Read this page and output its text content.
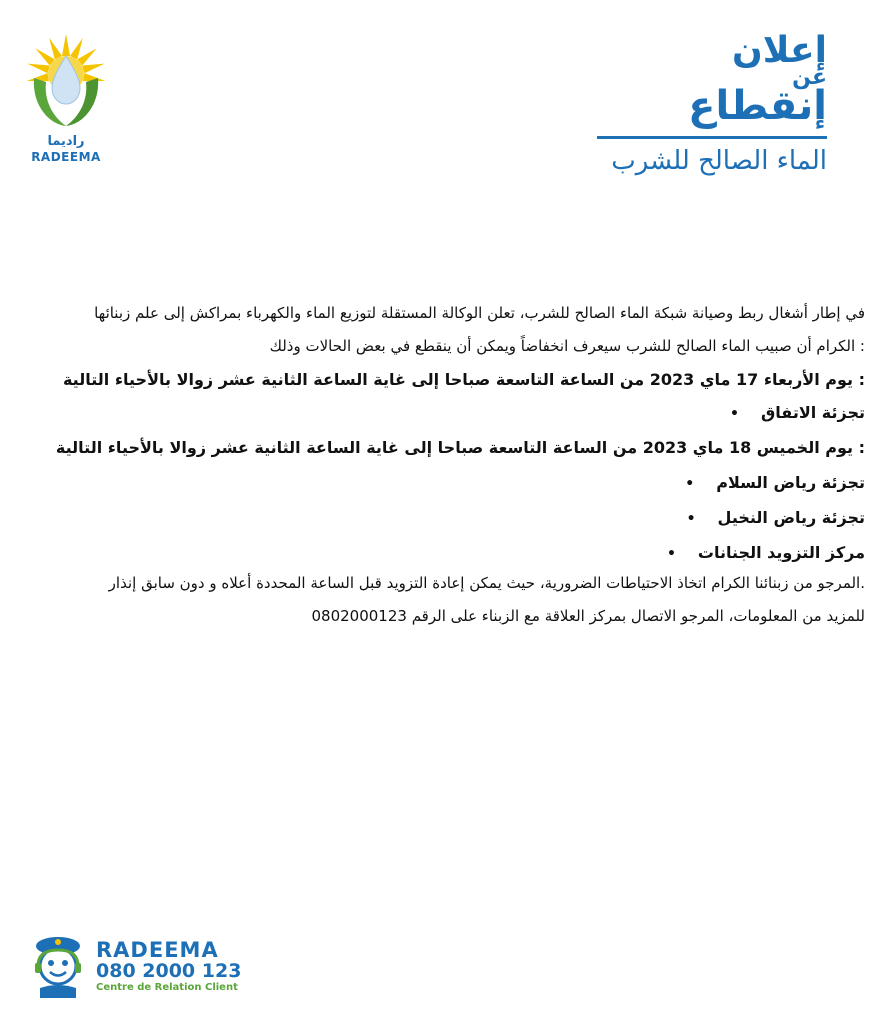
راديما
RADEEMA
إعلان
عن
إنقطاع
الماء الصالح للشرب
في إطار أشغال ربط وصيانة شبكة الماء الصالح للشرب، تعلن الوكالة المستقلة لتوزيع الماء والكهرباء بمراكش إلى علم زبنائها
: الكرام أن صبيب الماء الصالح للشرب سيعرف انخفاضاً ويمكن أن ينقطع في بعض الحالات وذلك
: يوم الأربعاء 17 ماي 2023 من الساعة التاسعة صباحا إلى غاية الساعة الثانية عشر زوالا بالأحياء التالية
تجزئة الاتفاق•
: يوم الخميس 18 ماي 2023 من الساعة التاسعة صباحا إلى غاية الساعة الثانية عشر زوالا بالأحياء التالية
تجزئة رياض السلام•
تجزئة رياض النخيل•
مركز التزويد الجنانات•
.المرجو من زبنائنا الكرام اتخاذ الاحتياطات الضرورية، حيث يمكن إعادة التزويد قبل الساعة المحددة أعلاه و دون سابق إنذار
للمزيد من المعلومات، المرجو الاتصال بمركز العلاقة مع الزبناء على الرقم 0802000123
RADEEMA
080 2000 123
Centre de Relation Client
